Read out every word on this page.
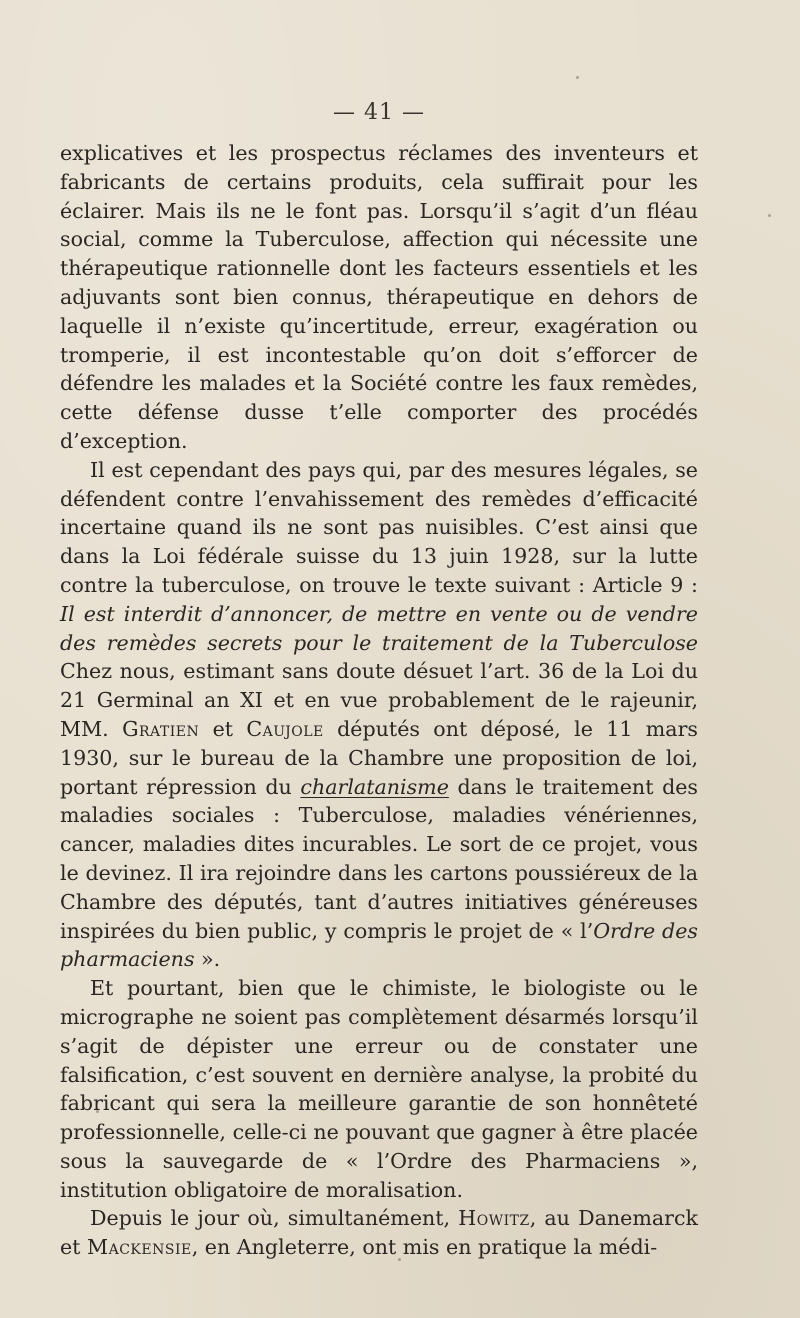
— 41 —

explicatives et les prospectus réclames des inventeurs et fabricants de certains produits, cela suffirait pour les éclairer. Mais ils ne le font pas. Lorsqu’il s’agit d’un fléau social, comme la Tuberculose, affection qui nécessite une thérapeutique rationnelle dont les facteurs essentiels et les adjuvants sont bien connus, thérapeutique en dehors de laquelle il n’existe qu’incertitude, erreur, exagération ou tromperie, il est incontestable qu’on doit s’efforcer de défendre les malades et la Société contre les faux remèdes, cette défense dusse t’elle comporter des procédés d’exception.

Il est cependant des pays qui, par des mesures légales, se défendent contre l’envahissement des remèdes d’efficacité incertaine quand ils ne sont pas nuisibles. C’est ainsi que dans la Loi fédérale suisse du 13 juin 1928, sur la lutte contre la tuberculose, on trouve le texte suivant : Article 9 : Il est interdit d’annoncer, de mettre en vente ou de vendre des remèdes secrets pour le traitement de la Tuberculose Chez nous, estimant sans doute désuet l’art. 36 de la Loi du 21 Germinal an XI et en vue probablement de le rajeunir, MM. Gratien et Caujole députés ont déposé, le 11 mars 1930, sur le bureau de la Chambre une proposition de loi, portant répression du charlatanisme dans le traitement des maladies sociales : Tuberculose, maladies vénériennes, cancer, maladies dites incurables. Le sort de ce projet, vous le devinez. Il ira rejoindre dans les cartons poussiéreux de la Chambre des députés, tant d’autres initiatives généreuses inspirées du bien public, y compris le projet de « l’Ordre des pharmaciens ».

Et pourtant, bien que le chimiste, le biologiste ou le micrographe ne soient pas complètement désarmés lorsqu’il s’agit de dépister une erreur ou de constater une falsification, c’est souvent en dernière analyse, la probité du fabricant qui sera la meilleure garantie de son honnêteté professionnelle, celle-ci ne pouvant que gagner à être placée sous la sauvegarde de « l’Ordre des Pharmaciens », institution obligatoire de moralisation.

Depuis le jour où, simultanément, Howitz, au Danemarck et Mackensie, en Angleterre, ont mis en pratique la médi-
